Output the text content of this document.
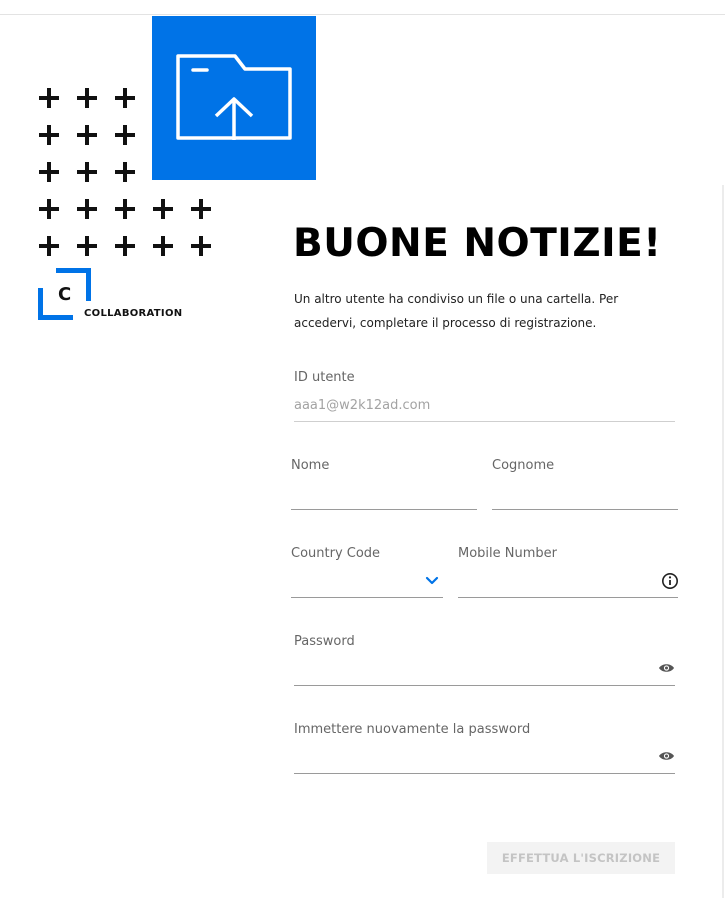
C
COLLABORATION
BUONE NOTIZIE!

Un altro utente ha condiviso un file o una cartella. Per accedervi, completare il processo di registrazione.

ID utente
aaa1@w2k12ad.com
Nome	Cognome
Country Code	Mobile Number
Password
Immettere nuovamente la password
EFFETTUA L'ISCRIZIONE
